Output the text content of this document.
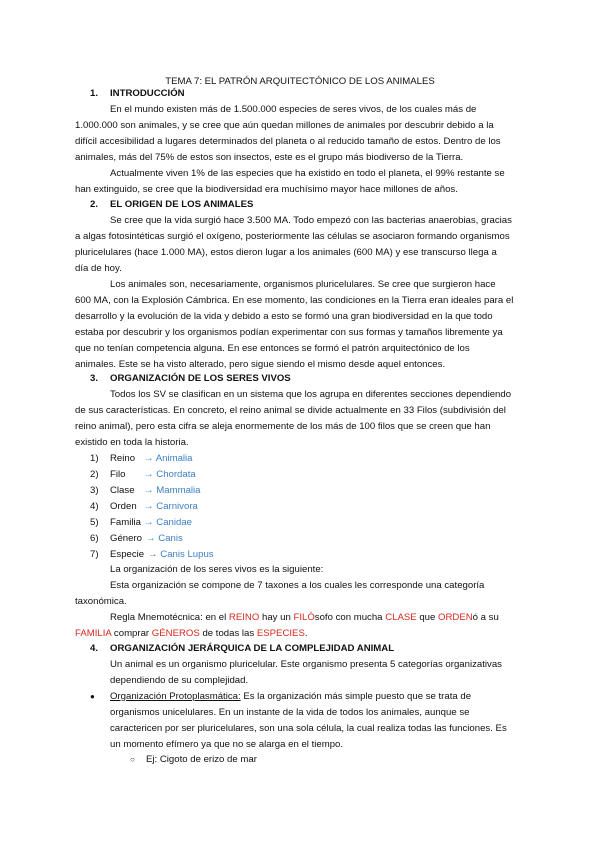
TEMA 7: EL PATRÓN ARQUITECTÓNICO DE LOS ANIMALES
1. INTRODUCCIÓN
En el mundo existen más de 1.500.000 especies de seres vivos, de los cuales más de
1.000.000 son animales, y se cree que aún quedan millones de animales por descubrir debido a la
difícil accesibilidad a lugares determinados del planeta o al reducido tamaño de estos. Dentro de los
animales, más del 75% de estos son insectos, este es el grupo más biodiverso de la Tierra.
Actualmente viven 1% de las especies que ha existido en todo el planeta, el 99% restante se
han extinguido, se cree que la biodiversidad era muchísimo mayor hace millones de años.
2. EL ORIGEN DE LOS ANIMALES
Se cree que la vida surgió hace 3.500 MA. Todo empezó con las bacterias anaerobias, gracias
a algas fotosintéticas surgió el oxígeno, posteriormente las células se asociaron formando organismos
pluricelulares (hace 1.000 MA), estos dieron lugar a los animales (600 MA) y ese transcurso llega a
día de hoy.
Los animales son, necesariamente, organismos pluricelulares. Se cree que surgieron hace
600 MA, con la Explosión Cámbrica. En ese momento, las condiciones en la Tierra eran ideales para el
desarrollo y la evolución de la vida y debido a esto se formó una gran biodiversidad en la que todo
estaba por descubrir y los organismos podían experimentar con sus formas y tamaños libremente ya
que no tenían competencia alguna. En ese entonces se formó el patrón arquitectónico de los
animales. Este se ha visto alterado, pero sigue siendo el mismo desde aquel entonces.
3. ORGANIZACIÓN DE LOS SERES VIVOS
Todos los SV se clasifican en un sistema que los agrupa en diferentes secciones dependiendo
de sus características. En concreto, el reino animal se divide actualmente en 33 Filos (subdivisión del
reino animal), pero esta cifra se aleja enormemente de los más de 100 filos que se creen que han
existido en toda la historia.
1) Reino → Animalia
2) Filo → Chordata
3) Clase → Mammalia
4) Orden → Carnivora
5) Familia → Canidae
6) Género → Canis
7) Especie → Canis Lupus
La organización de los seres vivos es la siguiente:
Esta organización se compone de 7 taxones a los cuales les corresponde una categoría
taxonómica.
Regla Mnemotécnica: en el REINO hay un FILÓsofo con mucha CLASE que ORDENó a su
FAMILIA comprar GÉNEROS de todas las ESPECIES.
4. ORGANIZACIÓN JERÁRQUICA DE LA COMPLEJIDAD ANIMAL
Un animal es un organismo pluricelular. Este organismo presenta 5 categorías organizativas
dependiendo de su complejidad.
● Organización Protoplasmática: Es la organización más simple puesto que se trata de
organismos unicelulares. En un instante de la vida de todos los animales, aunque se
caractericen por ser pluricelulares, son una sola célula, la cual realiza todas las funciones. Es
un momento efímero ya que no se alarga en el tiempo.
○ Ej: Cigoto de erizo de mar
